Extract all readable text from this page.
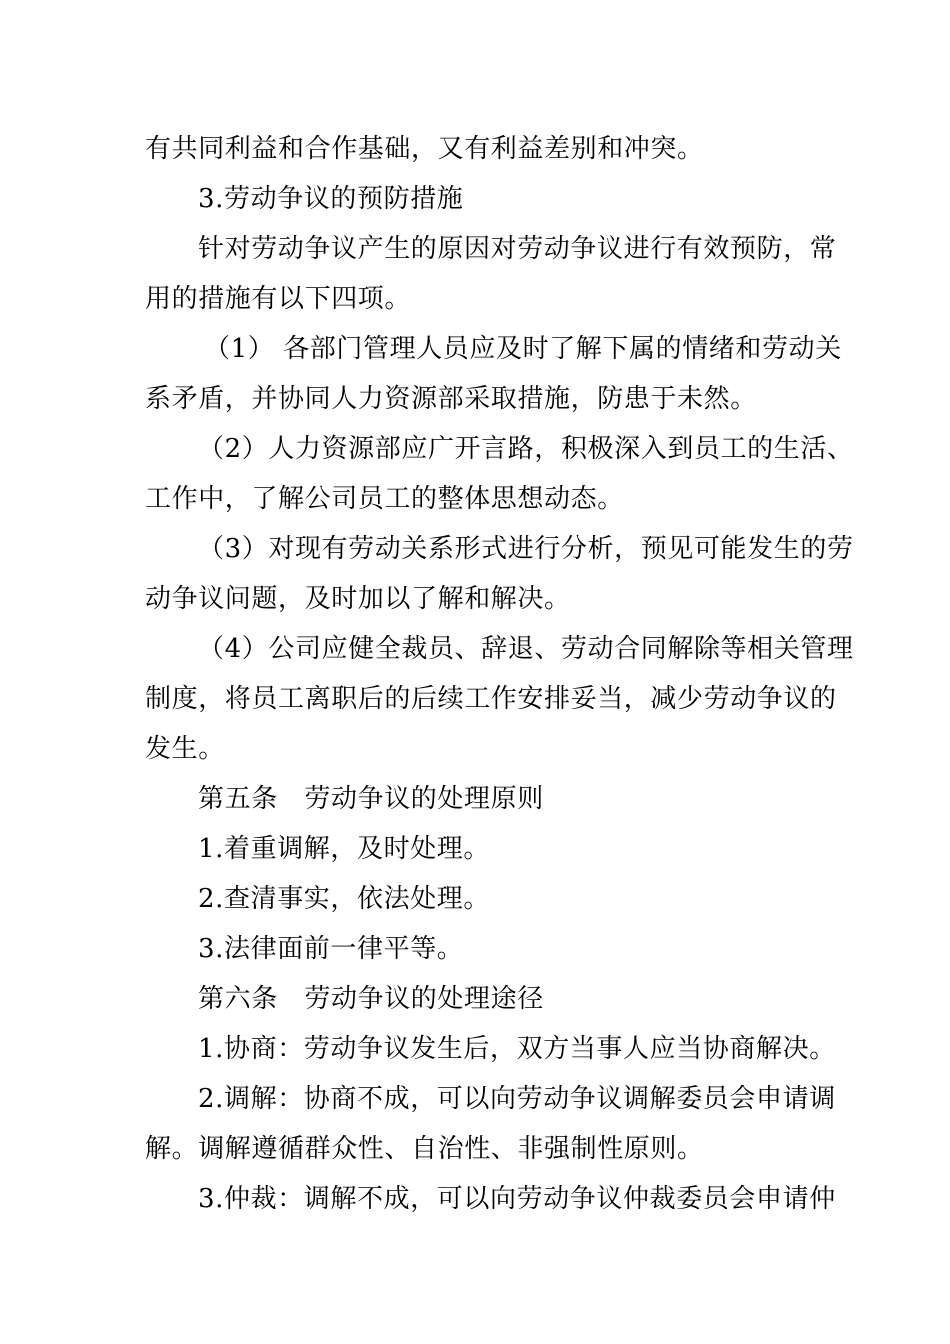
有共同利益和合作基础，又有利益差别和冲突。
3.劳动争议的预防措施
针对劳动争议产生的原因对劳动争议进行有效预防，常
用的措施有以下四项。
（1） 各部门管理人员应及时了解下属的情绪和劳动关
系矛盾，并协同人力资源部采取措施，防患于未然。
（2）人力资源部应广开言路，积极深入到员工的生活、
工作中，了解公司员工的整体思想动态。
（3）对现有劳动关系形式进行分析，预见可能发生的劳
动争议问题，及时加以了解和解决。
（4）公司应健全裁员、辞退、劳动合同解除等相关管理
制度，将员工离职后的后续工作安排妥当，减少劳动争议的
发生。
第五条　劳动争议的处理原则
1.着重调解，及时处理。
2.查清事实，依法处理。
3.法律面前一律平等。
第六条　劳动争议的处理途径
1.协商：劳动争议发生后，双方当事人应当协商解决。
2.调解：协商不成，可以向劳动争议调解委员会申请调
解。调解遵循群众性、自治性、非强制性原则。
3.仲裁：调解不成，可以向劳动争议仲裁委员会申请仲
